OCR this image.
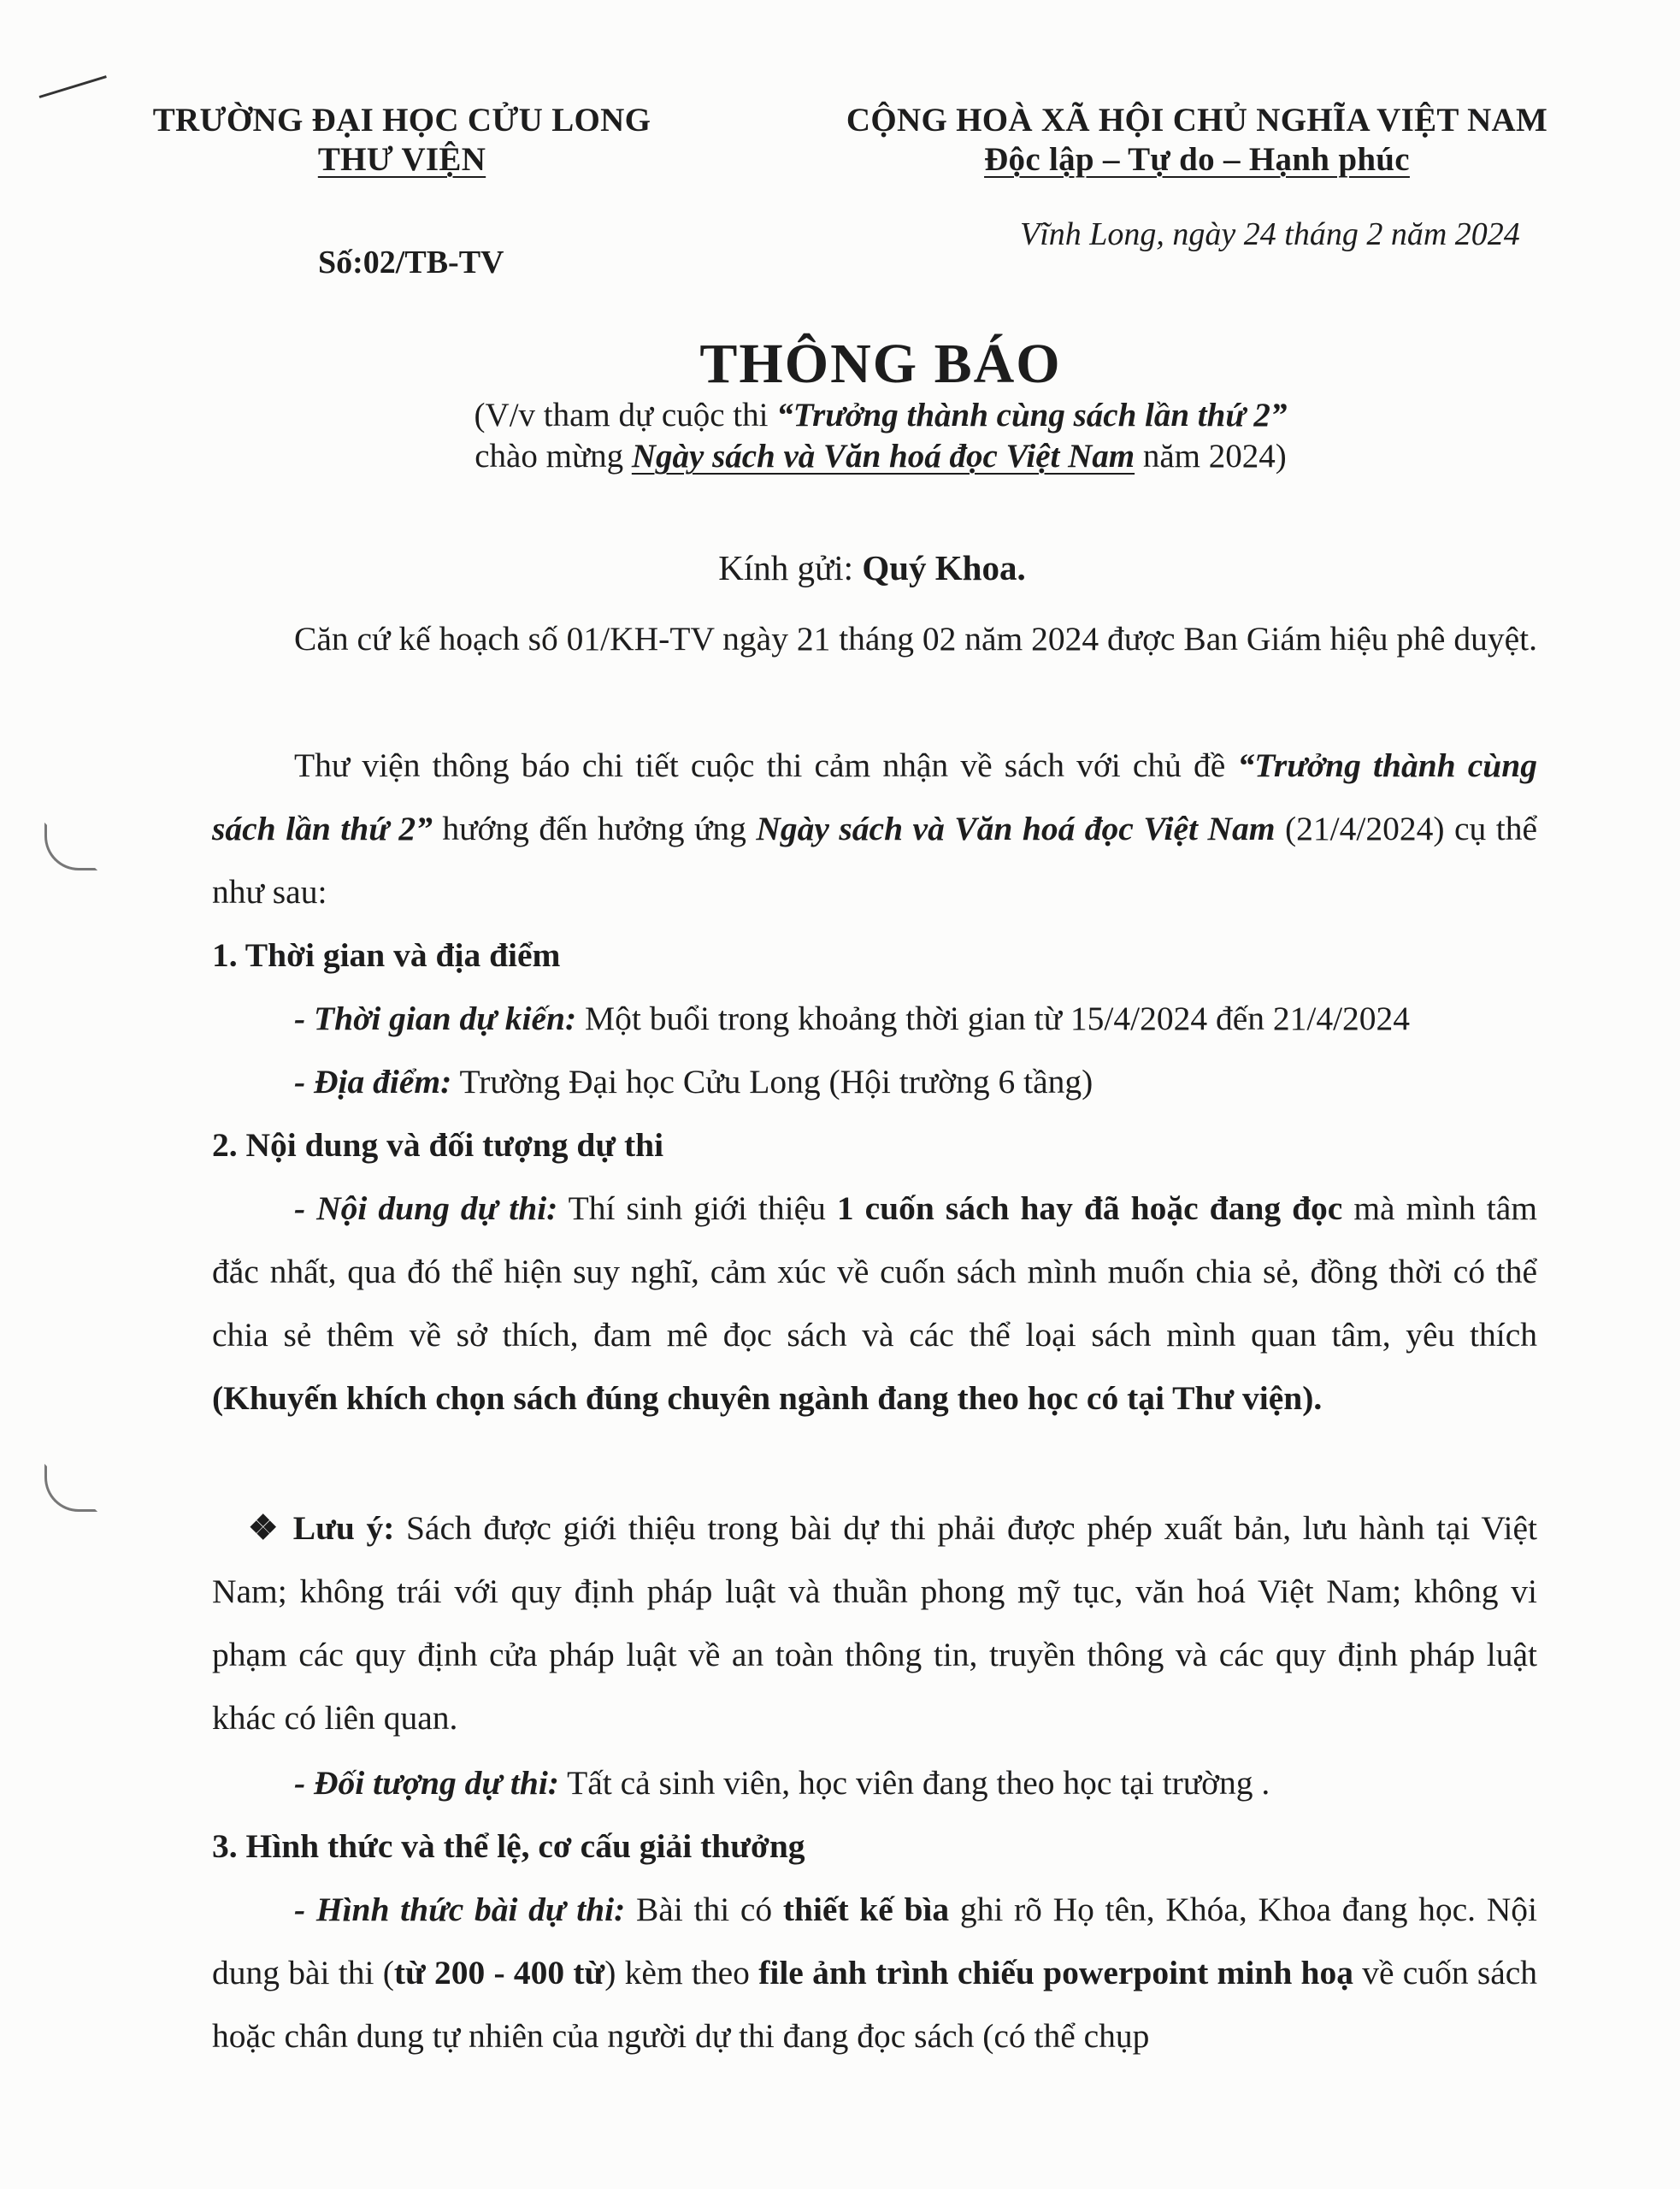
TRƯỜNG ĐẠI HỌC CỬU LONG
THƯ VIỆN
CỘNG HOÀ XÃ HỘI CHỦ NGHĨA VIỆT NAM
Độc lập – Tự do – Hạnh phúc
Vĩnh Long, ngày 24 tháng 2 năm 2024
Số:02/TB-TV
THÔNG BÁO
(V/v tham dự cuộc thi “Trưởng thành cùng sách lần thứ 2”
chào mừng Ngày sách và Văn hoá đọc Việt Nam năm 2024)
Kính gửi: Quý Khoa.
Căn cứ kế hoạch số 01/KH-TV ngày 21 tháng 02 năm 2024 được Ban Giám hiệu phê duyệt.
Thư viện thông báo chi tiết cuộc thi cảm nhận về sách với chủ đề “Trưởng thành cùng sách lần thứ 2” hướng đến hưởng ứng Ngày sách và Văn hoá đọc Việt Nam (21/4/2024) cụ thể như sau:
1. Thời gian và địa điểm
- Thời gian dự kiến: Một buổi trong khoảng thời gian từ 15/4/2024 đến 21/4/2024
- Địa điểm: Trường Đại học Cửu Long (Hội trường 6 tầng)
2. Nội dung và đối tượng dự thi
- Nội dung dự thi: Thí sinh giới thiệu 1 cuốn sách hay đã hoặc đang đọc mà mình tâm đắc nhất, qua đó thể hiện suy nghĩ, cảm xúc về cuốn sách mình muốn chia sẻ, đồng thời có thể chia sẻ thêm về sở thích, đam mê đọc sách và các thể loại sách mình quan tâm, yêu thích (Khuyến khích chọn sách đúng chuyên ngành đang theo học có tại Thư viện).
❖ Lưu ý: Sách được giới thiệu trong bài dự thi phải được phép xuất bản, lưu hành tại Việt Nam; không trái với quy định pháp luật và thuần phong mỹ tục, văn hoá Việt Nam; không vi phạm các quy định cửa pháp luật về an toàn thông tin, truyền thông và các quy định pháp luật khác có liên quan.
- Đối tượng dự thi: Tất cả sinh viên, học viên đang theo học tại trường .
3. Hình thức và thể lệ, cơ cấu giải thưởng
- Hình thức bài dự thi: Bài thi có thiết kế bìa ghi rõ Họ tên, Khóa, Khoa đang học. Nội dung bài thi (từ 200 - 400 từ) kèm theo file ảnh trình chiếu powerpoint minh hoạ về cuốn sách hoặc chân dung tự nhiên của người dự thi đang đọc sách (có thể chụp
